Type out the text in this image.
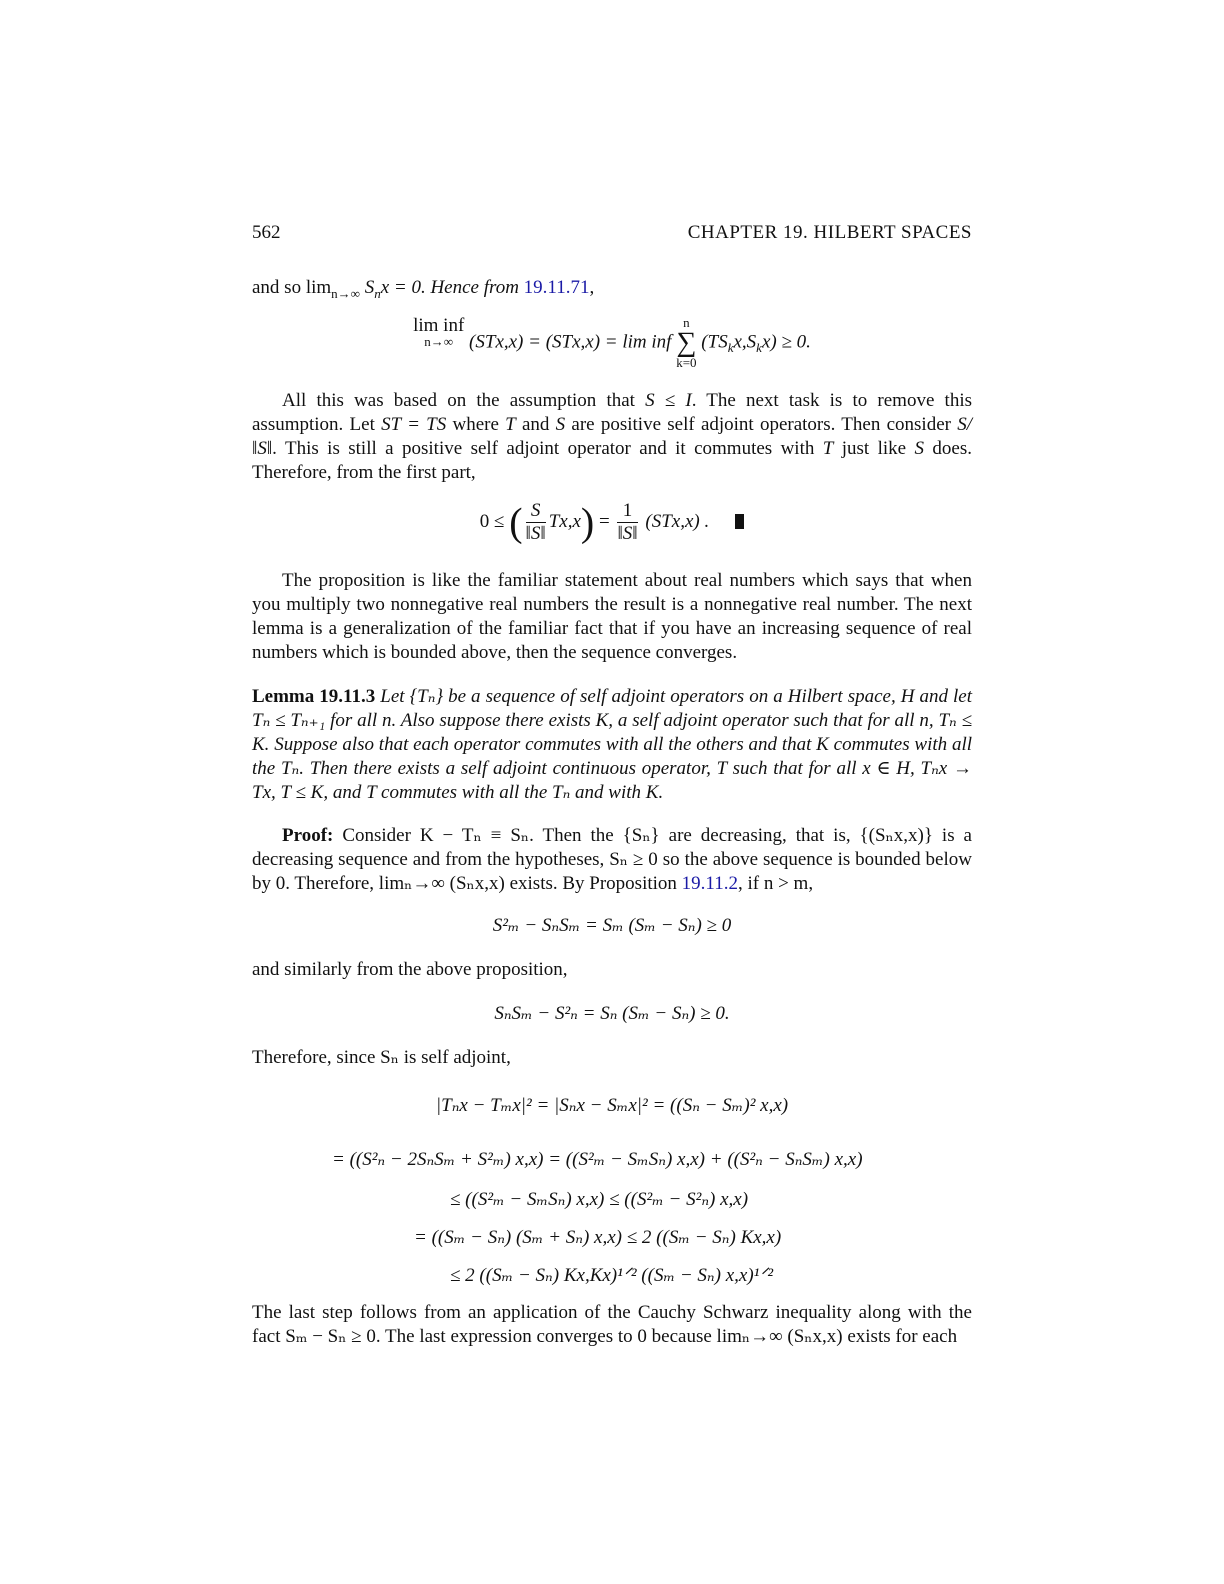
562	CHAPTER 19. HILBERT SPACES
and so $\lim_{n\to\infty} S_nx = 0$. Hence from 19.11.71,
lim inf
n→∞ (STx,x) = (STx,x) = lim inf
n
∑
k=0
$(TS_kx,S_kx) \ge 0$.
All this was based on the assumption that S ≤ I. The next task is to remove this assumption. Let ST = TS where T and S are positive self adjoint operators. Then consider S/‖S‖. This is still a positive self adjoint operator and it commutes with T just like S does. Therefore, from the first part,
0 ≤ ( $\frac{S}{‖S‖} Tx,x) = \frac{1}{‖S‖} (STx,x)$ .
The proposition is like the familiar statement about real numbers which says that when you multiply two nonnegative real numbers the result is a nonnegative real number. The next lemma is a generalization of the familiar fact that if you have an increasing sequence of real numbers which is bounded above, then the sequence converges.
Lemma 19.11.3 Let {Tₙ} be a sequence of self adjoint operators on a Hilbert space, H and let Tₙ ≤ Tₙ₊₁ for all n. Also suppose there exists K, a self adjoint operator such that for all n, Tₙ ≤ K. Suppose also that each operator commutes with all the others and that K commutes with all the Tₙ. Then there exists a self adjoint continuous operator, T such that for all x ∈ H, Tₙx → Tx, T ≤ K, and T commutes with all the Tₙ and with K.
Proof: Consider K − Tₙ ≡ Sₙ. Then the {Sₙ} are decreasing, that is, {(Sₙx,x)} is a decreasing sequence and from the hypotheses, Sₙ ≥ 0 so the above sequence is bounded below by 0. Therefore, limₙ→∞ (Sₙx,x) exists. By Proposition 19.11.2, if n > m,
S²ₘ − SₙSₘ = Sₘ (Sₘ − Sₙ) ≥ 0
and similarly from the above proposition,
SₙSₘ − S²ₙ = Sₙ (Sₘ − Sₙ) ≥ 0.
Therefore, since Sₙ is self adjoint,
|Tₙx − Tₘx|² = |Sₙx − Sₘx|² = ((Sₙ − Sₘ)² x,x)
= ((S²ₙ − 2SₙSₘ + S²ₘ) x,x) = ((S²ₘ − SₘSₙ) x,x) + ((S²ₙ − SₙSₘ) x,x)
≤ ((S²ₘ − SₘSₙ) x,x) ≤ ((S²ₘ − S²ₙ) x,x)
= ((Sₘ − Sₙ) (Sₘ + Sₙ) x,x) ≤ 2 ((Sₘ − Sₙ) Kx,x)
≤ 2 ((Sₘ − Sₙ) Kx,Kx)¹ᐟ² ((Sₘ − Sₙ) x,x)¹ᐟ²
The last step follows from an application of the Cauchy Schwarz inequality along with the fact Sₘ − Sₙ ≥ 0. The last expression converges to 0 because limₙ→∞ (Sₙx,x) exists for each
